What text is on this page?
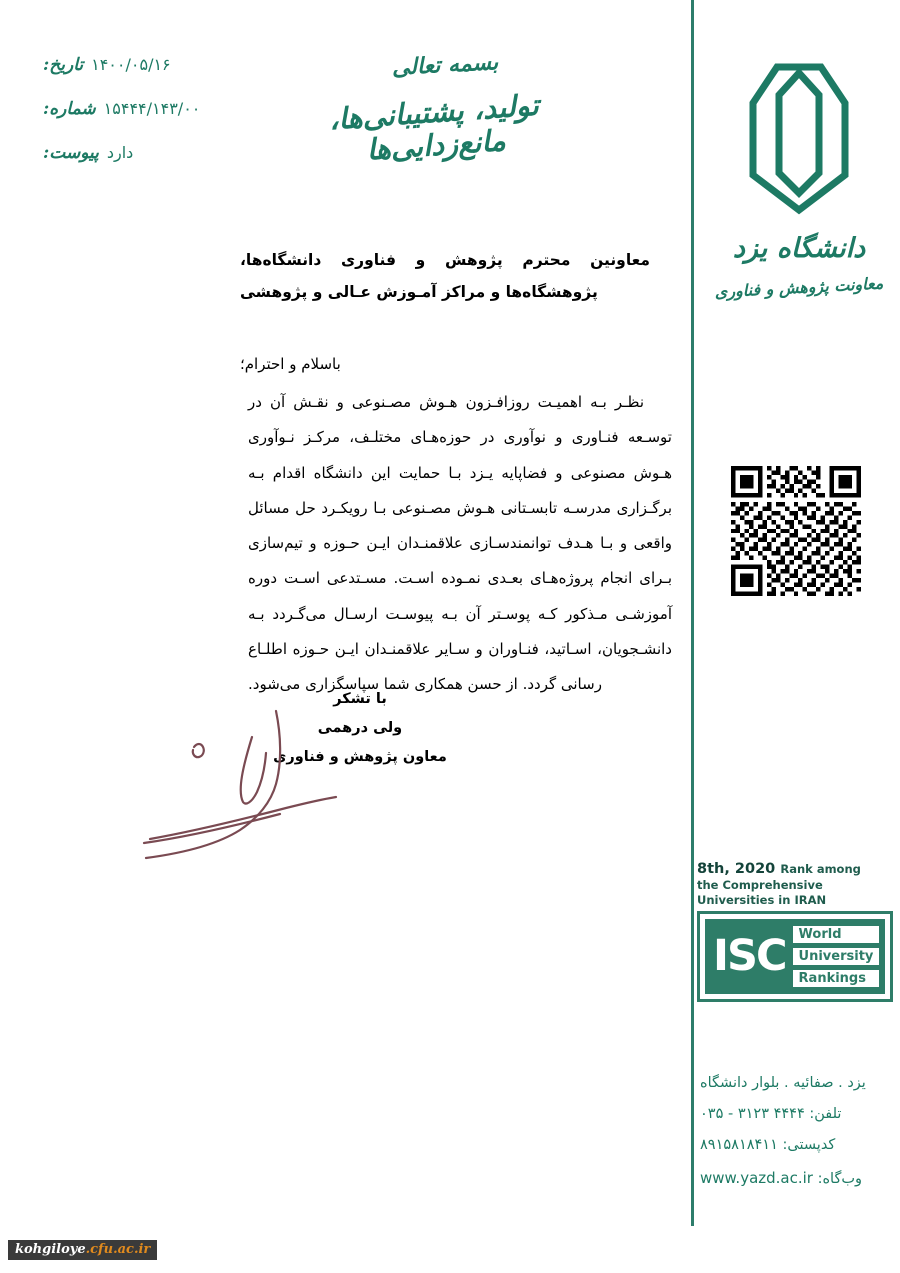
۱۴۰۰/۰۵/۱۶
تاریخ:
۱۵۴۴۴/۱۴۳/۰۰
شماره:
دارد
پیوست:
بسمه تعالی
تولید، پشتیبانی‌ها، مانع‌زدایی‌ها
معاونین محترم پژوهش و فناوری دانشگاه‌ها، پژوهشگاه‌ها و مراکز آمـوزش عـالی و پژوهشی
باسلام و احترام؛
نظـر بـه اهميـت روزافـزون هـوش مصـنوعی و نقـش آن در توسـعه فنـاوری و نوآوری در حوزه‌هـای مختلـف، مرکـز نـوآوری هـوش مصنوعی و فضاپایه یـزد بـا حمایت این دانشگاه اقدام بـه برگـزاری مدرسـه تابسـتانی هـوش مصـنوعی بـا رویکـرد حل مسائل واقعی و بـا هـدف توانمندسـازی علاقمنـدان ایـن حـوزه و تیم‌سازی بـرای انجام پروژه‌هـای بعـدی نمـوده اسـت. مسـتدعی اسـت دوره آموزشـی مـذکور کـه پوسـتر آن بـه پیوسـت ارسـال می‌گـردد بـه دانشـجویان، اسـاتید، فنـاوران و سـایر علاقمنـدان ایـن حـوزه اطلـاع رسانی گردد. از حسن همکاری شما سپاسگزاری می‌شود.
با تشکر
ولی درهمی
معاون پژوهش و فناوری
دانشگاه یزد
معاونت پژوهش و فناوری
8th, 2020 Rank among
the Comprehensive Universities in IRAN
ISC	World
University
Rankings
یزد . صفائیه . بلوار دانشگاه
تلفن: ۴۴۴۴ ۳۱۲۳ - ۰۳۵
کدپستی: ۸۹۱۵۸۱۸۴۱۱
وب‌گاه: www.yazd.ac.ir
kohgiloye.cfu.ac.ir
